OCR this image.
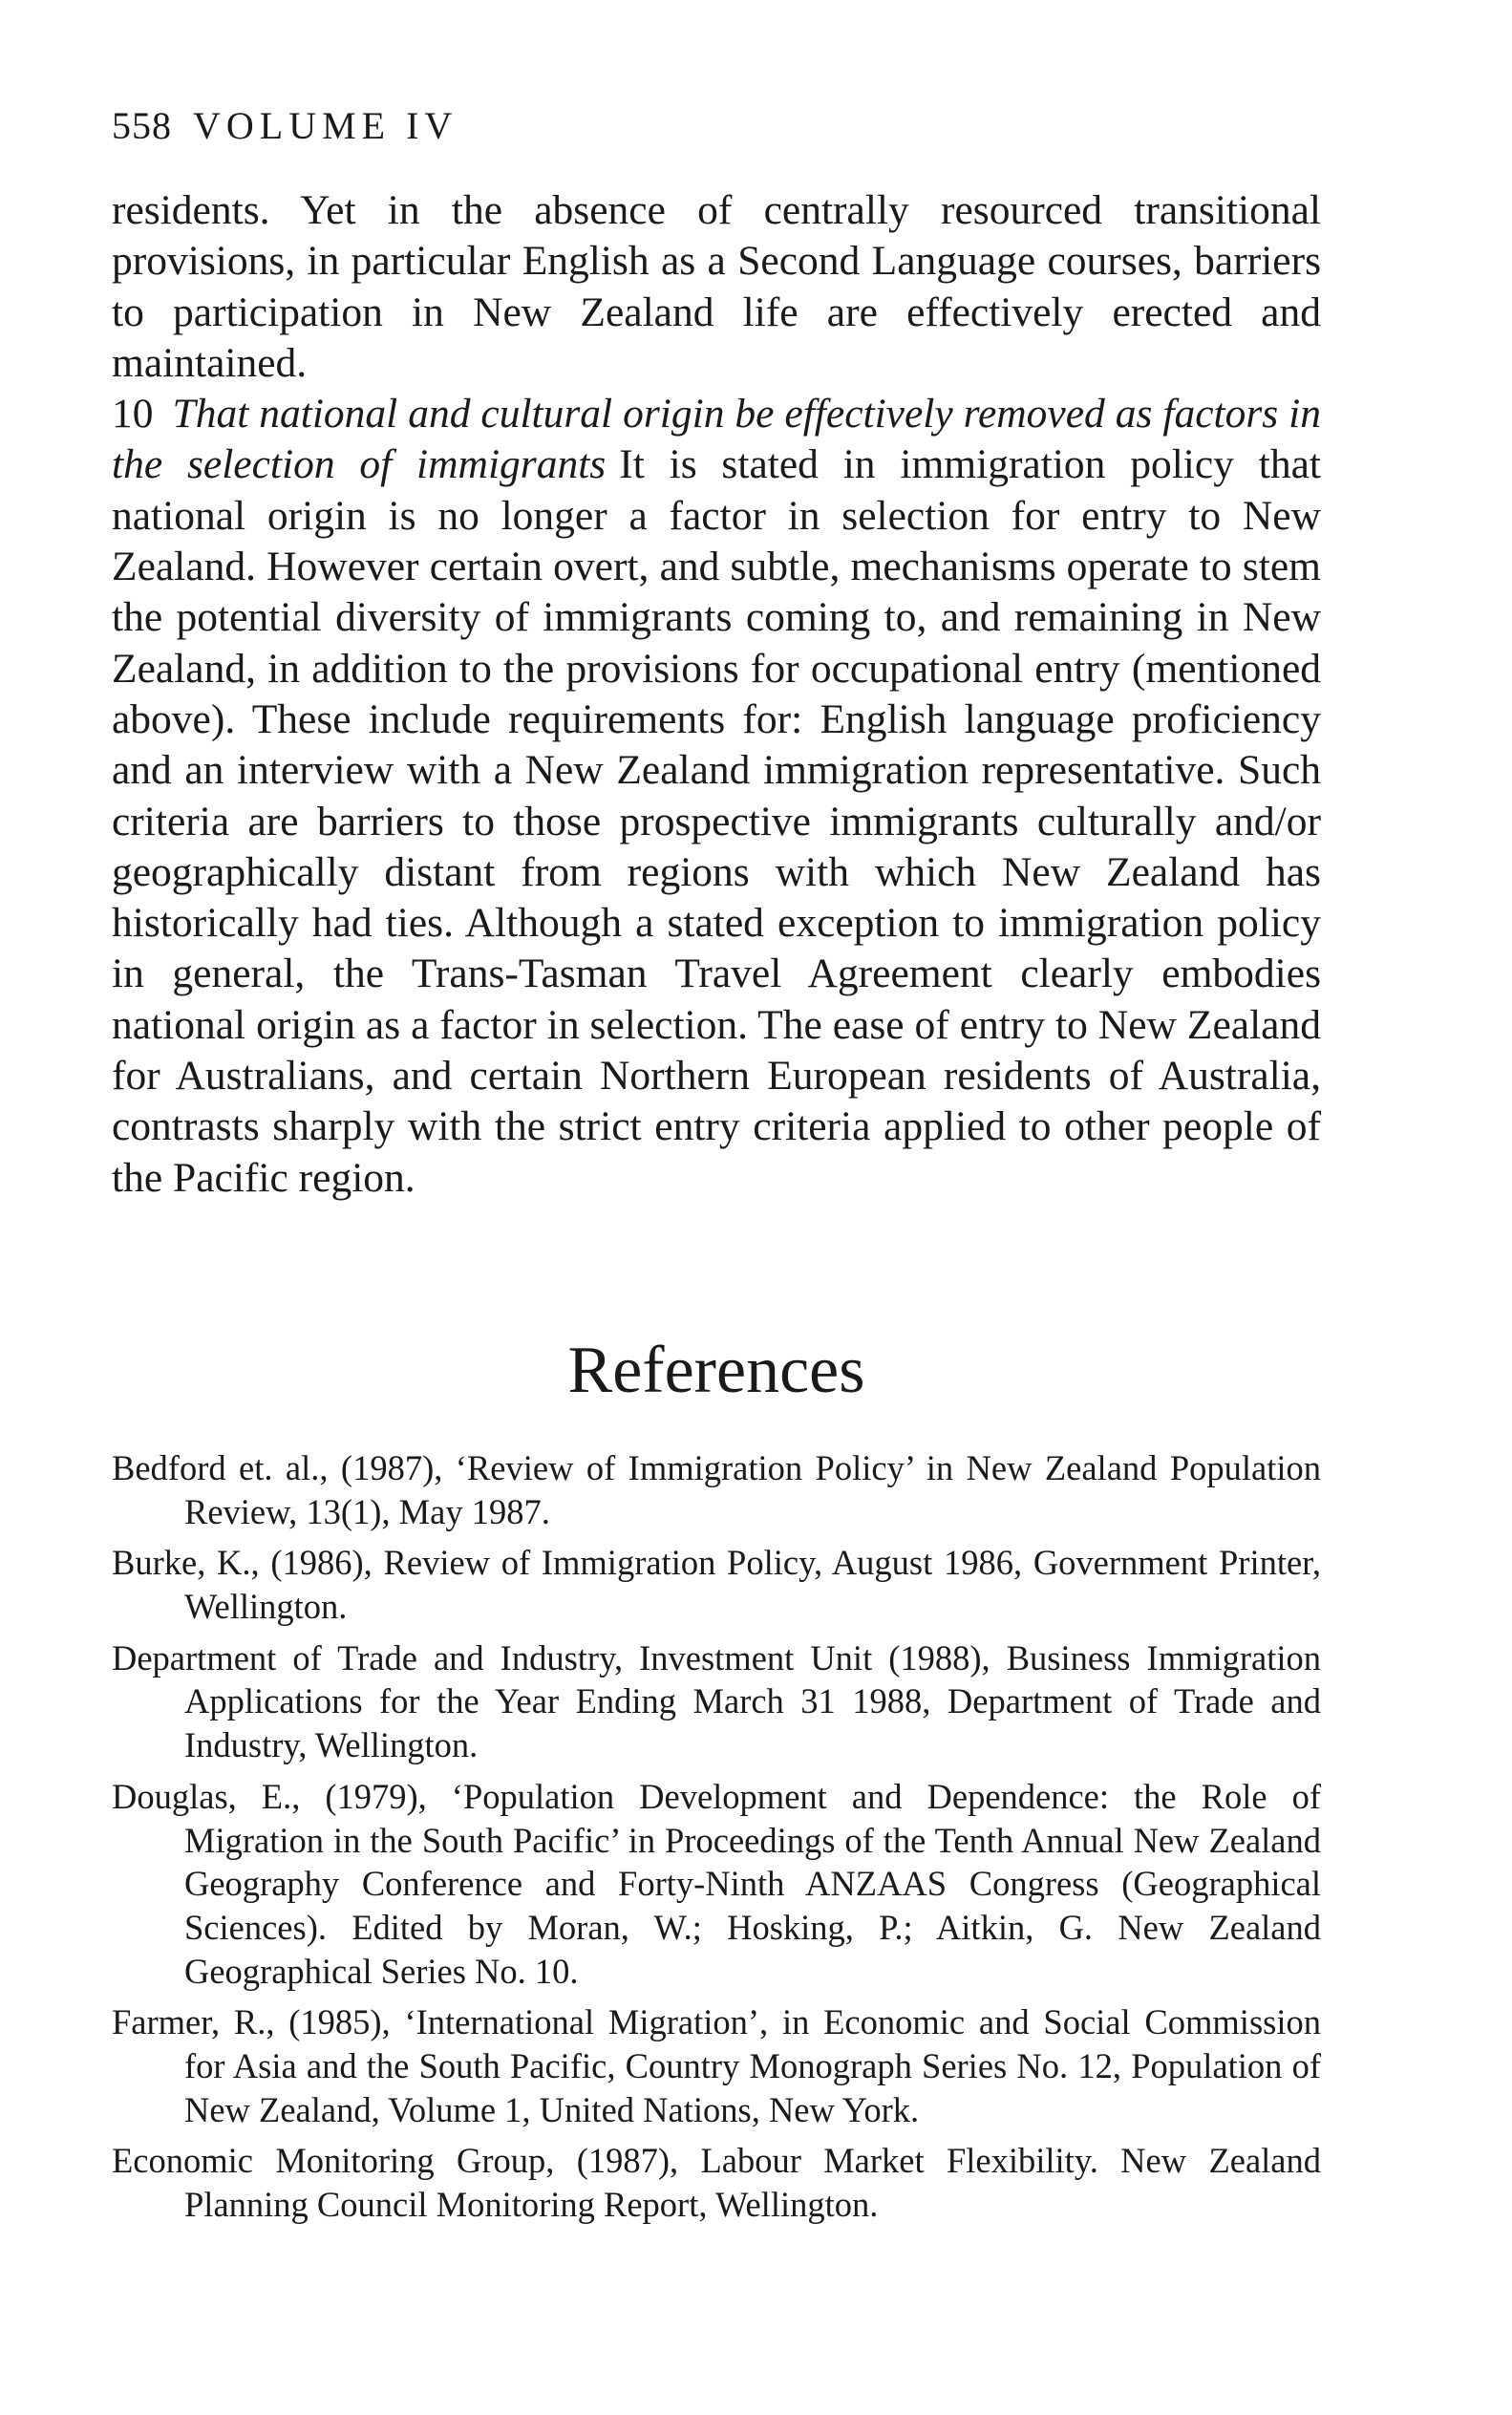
558 VOLUME IV

residents. Yet in the absence of centrally resourced transitional provisions, in particular English as a Second Language courses, barriers to participation in New Zealand life are effectively erected and maintained.

10 That national and cultural origin be effectively removed as factors in the selection of immigrants It is stated in immigration policy that national origin is no longer a factor in selection for entry to New Zealand. However certain overt, and subtle, mechanisms operate to stem the potential diversity of immigrants coming to, and remaining in New Zealand, in addition to the provisions for occupational entry (mentioned above). These include requirements for: English language proficiency and an interview with a New Zealand immigration representative. Such criteria are barriers to those prospective immigrants culturally and/or geographically distant from regions with which New Zealand has historically had ties. Although a stated exception to immigration policy in general, the Trans-Tasman Travel Agreement clearly embodies national origin as a factor in selection. The ease of entry to New Zealand for Australians, and certain Northern European residents of Australia, contrasts sharply with the strict entry criteria applied to other people of the Pacific region.

References
Bedford et. al., (1987), ‘Review of Immigration Policy’ in New Zealand Population Review, 13(1), May 1987.
Burke, K., (1986), Review of Immigration Policy, August 1986, Government Printer, Wellington.
Department of Trade and Industry, Investment Unit (1988), Business Immigration Applications for the Year Ending March 31 1988, Department of Trade and Industry, Wellington.
Douglas, E., (1979), ‘Population Development and Dependence: the Role of Migration in the South Pacific’ in Proceedings of the Tenth Annual New Zealand Geography Conference and Forty-Ninth ANZAAS Congress (Geographical Sciences). Edited by Moran, W.; Hosking, P.; Aitkin, G. New Zealand Geographical Series No. 10.
Farmer, R., (1985), ‘International Migration’, in Economic and Social Commission for Asia and the South Pacific, Country Monograph Series No. 12, Population of New Zealand, Volume 1, United Nations, New York.
Economic Monitoring Group, (1987), Labour Market Flexibility. New Zealand Planning Council Monitoring Report, Wellington.
